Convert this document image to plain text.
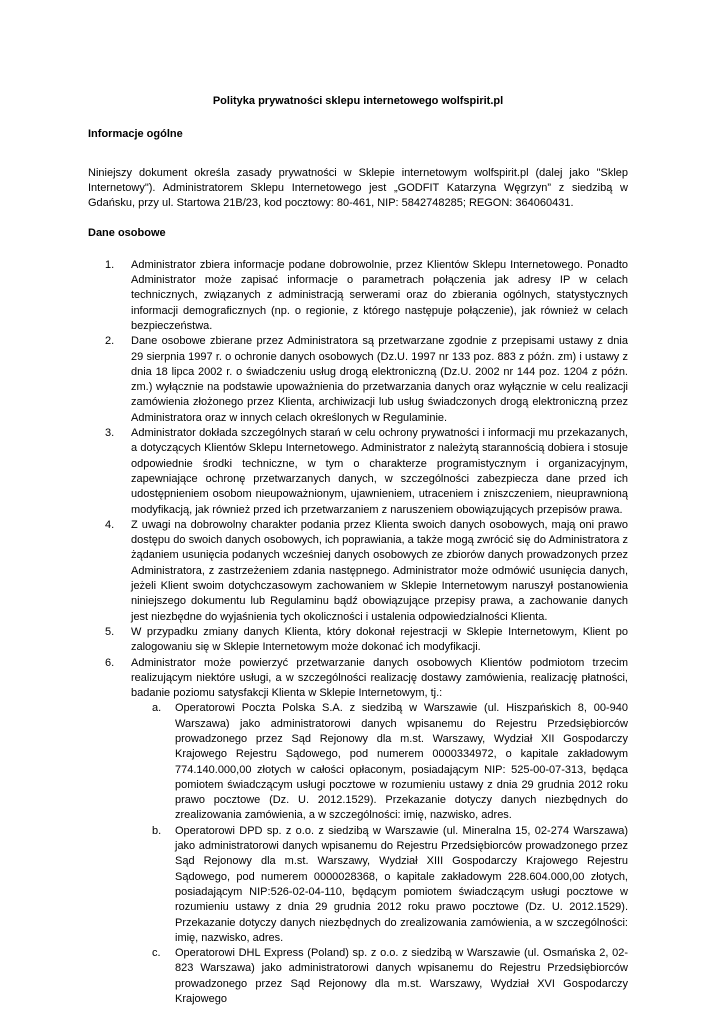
Polityka prywatności sklepu internetowego wolfspirit.pl
Informacje ogólne
Niniejszy dokument określa zasady prywatności w Sklepie internetowym wolfspirit.pl (dalej jako "Sklep Internetowy"). Administratorem Sklepu Internetowego jest „GODFIT Katarzyna Węgrzyn” z siedzibą w Gdańsku, przy ul. Startowa 21B/23, kod pocztowy: 80-461, NIP: 5842748285; REGON: 364060431.
Dane osobowe
1. Administrator zbiera informacje podane dobrowolnie, przez Klientów Sklepu Internetowego. Ponadto Administrator może zapisać informacje o parametrach połączenia jak adresy IP w celach technicznych, związanych z administracją serwerami oraz do zbierania ogólnych, statystycznych informacji demograficznych (np. o regionie, z którego następuje połączenie), jak również w celach bezpieczeństwa.
2. Dane osobowe zbierane przez Administratora są przetwarzane zgodnie z przepisami ustawy z dnia 29 sierpnia 1997 r. o ochronie danych osobowych (Dz.U. 1997 nr 133 poz. 883 z późn. zm) i ustawy z dnia 18 lipca 2002 r. o świadczeniu usług drogą elektroniczną (Dz.U. 2002 nr 144 poz. 1204 z późn. zm.) wyłącznie na podstawie upoważnienia do przetwarzania danych oraz wyłącznie w celu realizacji zamówienia złożonego przez Klienta, archiwizacji lub usług świadczonych drogą elektroniczną przez Administratora oraz w innych celach określonych w Regulaminie.
3. Administrator dokłada szczególnych starań w celu ochrony prywatności i informacji mu przekazanych, a dotyczących Klientów Sklepu Internetowego. Administrator z należytą starannością dobiera i stosuje odpowiednie środki techniczne, w tym o charakterze programistycznym i organizacyjnym, zapewniające ochronę przetwarzanych danych, w szczególności zabezpiecza dane przed ich udostępnieniem osobom nieupoważnionym, ujawnieniem, utraceniem i zniszczeniem, nieuprawnioną modyfikacją, jak również przed ich przetwarzaniem z naruszeniem obowiązujących przepisów prawa.
4. Z uwagi na dobrowolny charakter podania przez Klienta swoich danych osobowych, mają oni prawo dostępu do swoich danych osobowych, ich poprawiania, a także mogą zwrócić się do Administratora z żądaniem usunięcia podanych wcześniej danych osobowych ze zbiorów danych prowadzonych przez Administratora, z zastrzeżeniem zdania następnego. Administrator może odmówić usunięcia danych, jeżeli Klient swoim dotychczasowym zachowaniem w Sklepie Internetowym naruszył postanowienia niniejszego dokumentu lub Regulaminu bądź obowiązujące przepisy prawa, a zachowanie danych jest niezbędne do wyjaśnienia tych okoliczności i ustalenia odpowiedzialności Klienta.
5. W przypadku zmiany danych Klienta, który dokonał rejestracji w Sklepie Internetowym, Klient po zalogowaniu się w Sklepie Internetowym może dokonać ich modyfikacji.
6. Administrator może powierzyć przetwarzanie danych osobowych Klientów podmiotom trzecim realizującym niektóre usługi, a w szczególności realizację dostawy zamówienia, realizację płatności, badanie poziomu satysfakcji Klienta w Sklepie Internetowym, tj.:
a. Operatorowi Poczta Polska S.A. z siedzibą w Warszawie (ul. Hiszpańskich 8, 00-940 Warszawa) jako administratorowi danych wpisanemu do Rejestru Przedsiębiorców prowadzonego przez Sąd Rejonowy dla m.st. Warszawy, Wydział XII Gospodarczy Krajowego Rejestru Sądowego, pod numerem 0000334972, o kapitale zakładowym 774.140.000,00 złotych w całości opłaconym, posiadającym NIP: 525-00-07-313, będąca pomiotem świadczącym usługi pocztowe w rozumieniu ustawy z dnia 29 grudnia 2012 roku prawo pocztowe (Dz. U. 2012.1529). Przekazanie dotyczy danych niezbędnych do zrealizowania zamówienia, a w szczególności: imię, nazwisko, adres.
b. Operatorowi DPD sp. z o.o. z siedzibą w Warszawie (ul. Mineralna 15, 02-274 Warszawa) jako administratorowi danych wpisanemu do Rejestru Przedsiębiorców prowadzonego przez Sąd Rejonowy dla m.st. Warszawy, Wydział XIII Gospodarczy Krajowego Rejestru Sądowego, pod numerem 0000028368, o kapitale zakładowym 228.604.000,00 złotych, posiadającym NIP:526-02-04-110, będącym pomiotem świadczącym usługi pocztowe w rozumieniu ustawy z dnia 29 grudnia 2012 roku prawo pocztowe (Dz. U. 2012.1529). Przekazanie dotyczy danych niezbędnych do zrealizowania zamówienia, a w szczególności: imię, nazwisko, adres.
c. Operatorowi DHL Express (Poland) sp. z o.o. z siedzibą w Warszawie (ul. Osmańska 2, 02-823 Warszawa) jako administratorowi danych wpisanemu do Rejestru Przedsiębiorców prowadzonego przez Sąd Rejonowy dla m.st. Warszawy, Wydział XVI Gospodarczy Krajowego
